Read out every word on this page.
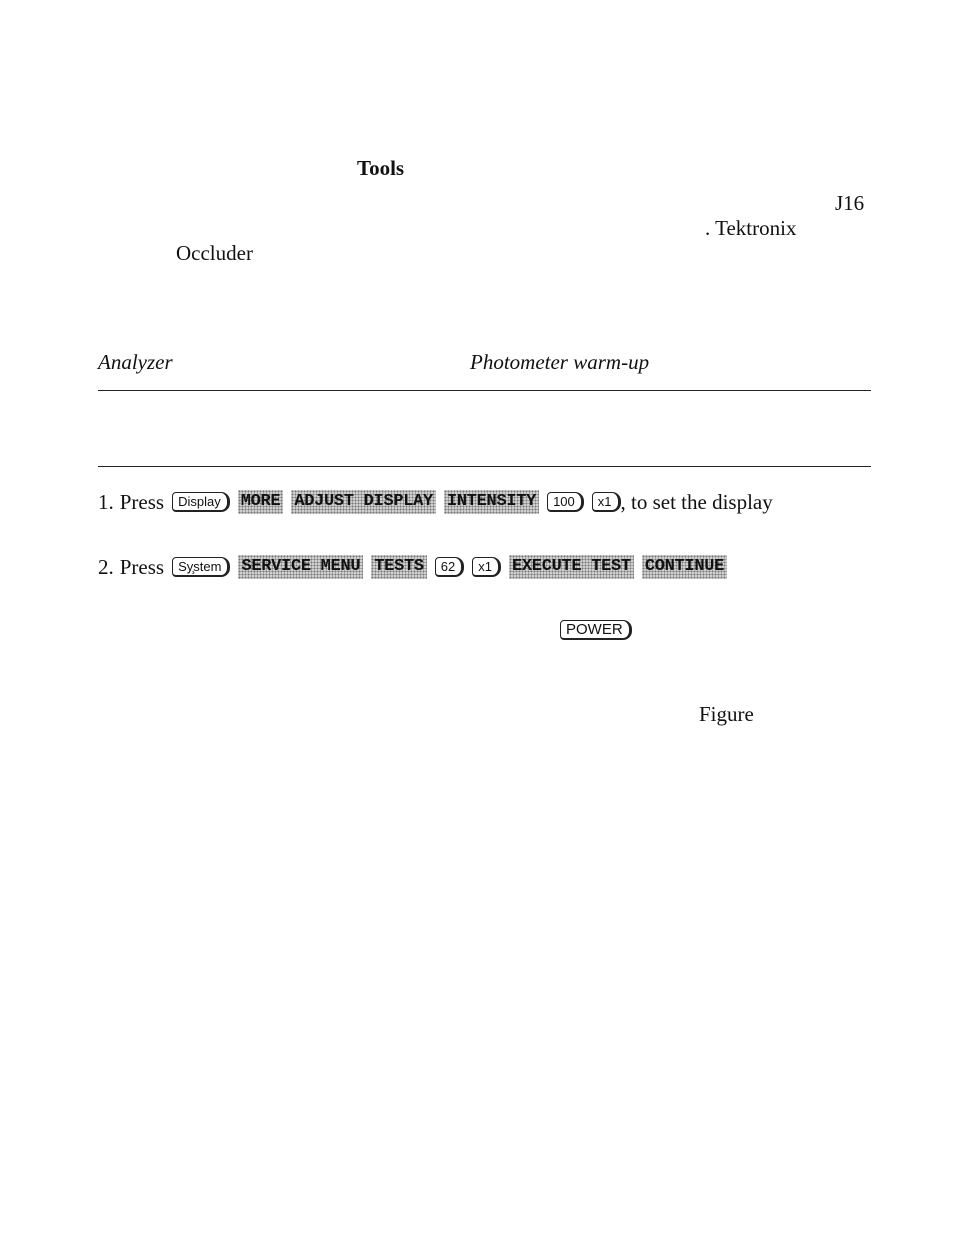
Tools
J16
. Tektronix
Occluder
Analyzer	Photometer warm-up
1. Press	Display	MORE ADJUST DISPLAY INTENSITY	100	x1 , to set the display
2. Press	Sy̧stem	SERVICE MENU TESTS	62	x1	EXECUTE TEST CONTINUE
POWER
Figure
